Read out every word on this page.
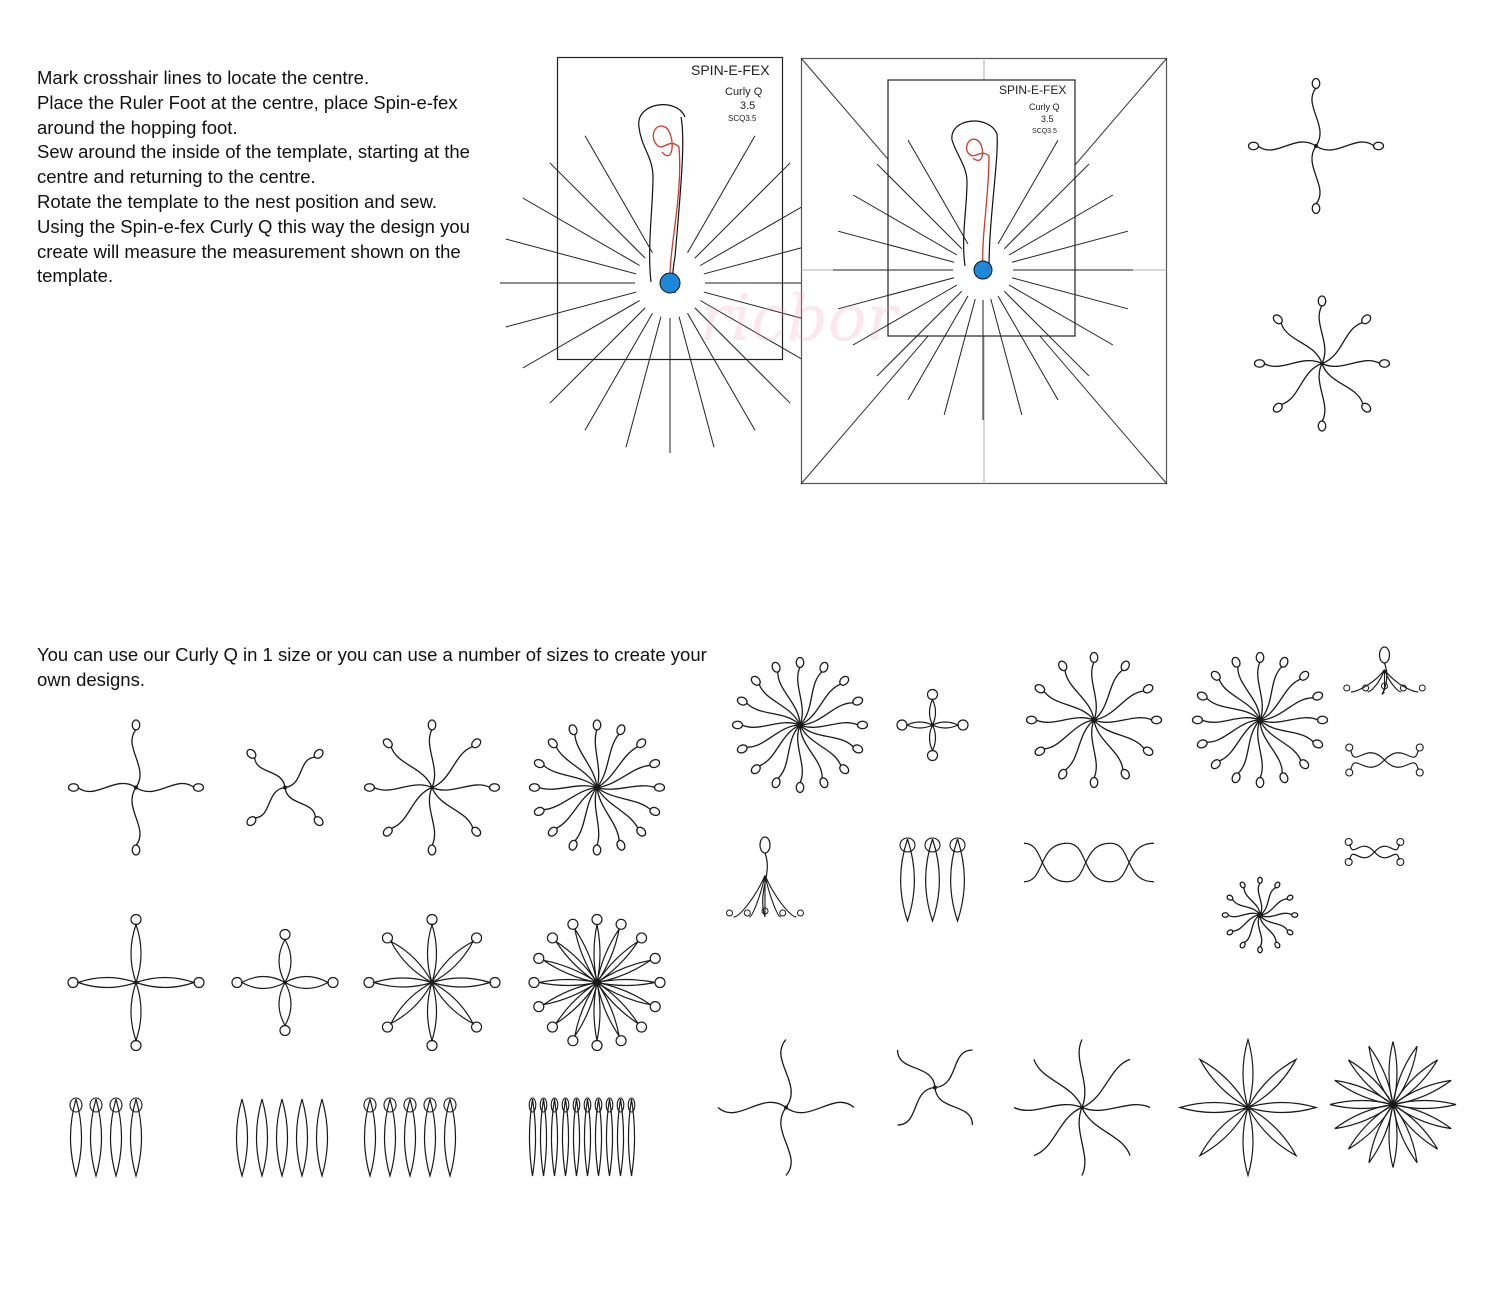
Mark crosshair lines to locate the centre.
Place the Ruler Foot at the centre, place Spin-e-fex
around the hopping foot.
Sew around the inside of the template, starting at the
centre and returning to the centre.
Rotate the template to the nest position and sew.
Using the Spin-e-fex Curly Q this way the design you
create will measure the measurement shown on the
template.
SPIN-E-FEX
Curly Q
3.5
SCQ3.5
SPIN-E-FEX
Curly Q
3.5
SCQ3.5
ricbor
You can use our Curly Q in 1 size or you can use a number of sizes to create your
own designs.
